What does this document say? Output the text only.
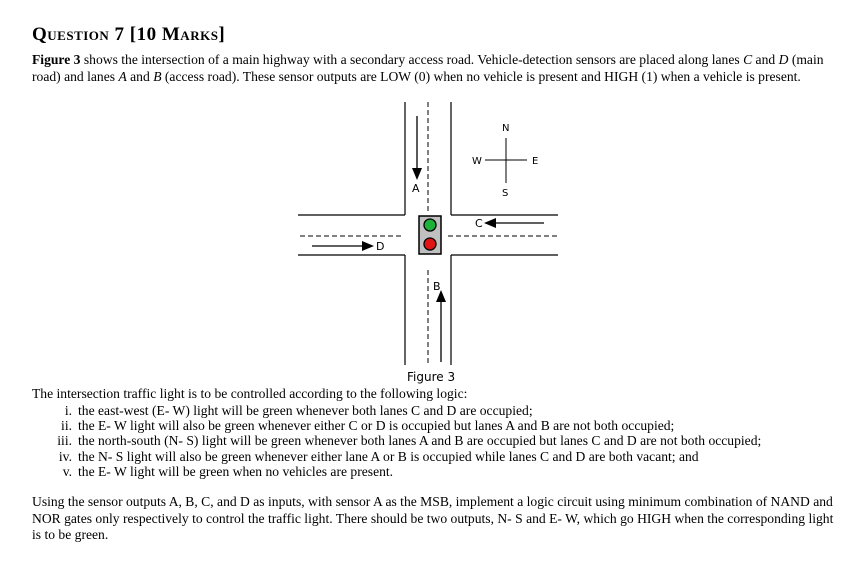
Question 7 [10 Marks]

Figure 3 shows the intersection of a main highway with a secondary access road. Vehicle-detection sensors are placed along lanes C and D (main road) and lanes A and B (access road). These sensor outputs are LOW (0) when no vehicle is present and HIGH (1) when a vehicle is present.

A
B
C
D
N
S
W	E

Figure 3

The intersection traffic light is to be controlled according to the following logic:

i. the east-west (E- W) light will be green whenever both lanes C and D are occupied;
ii. the E- W light will also be green whenever either C or D is occupied but lanes A and B are not both occupied;
iii. the north-south (N- S) light will be green whenever both lanes A and B are occupied but lanes C and D are not both occupied;
iv. the N- S light will also be green whenever either lane A or B is occupied while lanes C and D are both vacant; and
v. the E- W light will be green when no vehicles are present.

Using the sensor outputs A, B, C, and D as inputs, with sensor A as the MSB, implement a logic circuit using minimum combination of NAND and NOR gates only respectively to control the traffic light. There should be two outputs, N- S and E- W, which go HIGH when the corresponding light is to be green.
